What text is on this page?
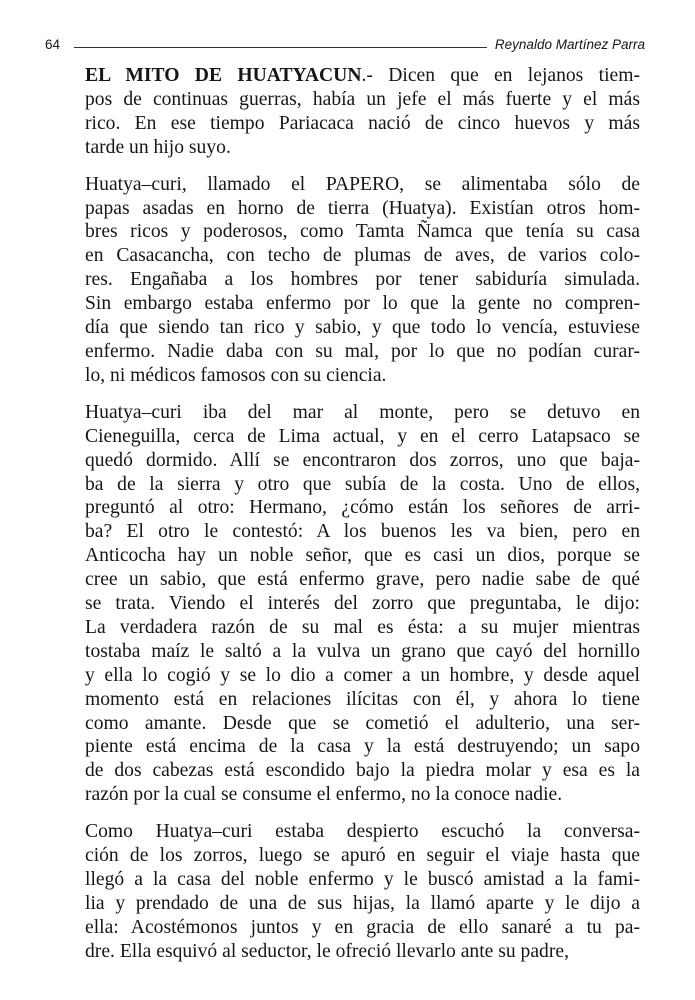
64	Reynaldo Martínez Parra
EL MITO DE HUATYACUN.- Dicen que en lejanos tiem-
pos de continuas guerras, había un jefe el más fuerte y el más
rico. En ese tiempo Pariacaca nació de cinco huevos y más
tarde un hijo suyo.
Huatya–curi, llamado el PAPERO, se alimentaba sólo de
papas asadas en horno de tierra (Huatya). Existían otros hom-
bres ricos y poderosos, como Tamta Ñamca que tenía su casa
en Casacancha, con techo de plumas de aves, de varios colo-
res. Engañaba a los hombres por tener sabiduría simulada.
Sin embargo estaba enfermo por lo que la gente no compren-
día que siendo tan rico y sabio, y que todo lo vencía, estuviese
enfermo. Nadie daba con su mal, por lo que no podían curar-
lo, ni médicos famosos con su ciencia.
Huatya–curi iba del mar al monte, pero se detuvo en
Cieneguilla, cerca de Lima actual, y en el cerro Latapsaco se
quedó dormido. Allí se encontraron dos zorros, uno que baja-
ba de la sierra y otro que subía de la costa. Uno de ellos,
preguntó al otro: Hermano, ¿cómo están los señores de arri-
ba? El otro le contestó: A los buenos les va bien, pero en
Anticocha hay un noble señor, que es casi un dios, porque se
cree un sabio, que está enfermo grave, pero nadie sabe de qué
se trata. Viendo el interés del zorro que preguntaba, le dijo:
La verdadera razón de su mal es ésta: a su mujer mientras
tostaba maíz le saltó a la vulva un grano que cayó del hornillo
y ella lo cogió y se lo dio a comer a un hombre, y desde aquel
momento está en relaciones ilícitas con él, y ahora lo tiene
como amante. Desde que se cometió el adulterio, una ser-
piente está encima de la casa y la está destruyendo; un sapo
de dos cabezas está escondido bajo la piedra molar y esa es la
razón por la cual se consume el enfermo, no la conoce nadie.
Como Huatya–curi estaba despierto escuchó la conversa-
ción de los zorros, luego se apuró en seguir el viaje hasta que
llegó a la casa del noble enfermo y le buscó amistad a la fami-
lia y prendado de una de sus hijas, la llamó aparte y le dijo a
ella: Acostémonos juntos y en gracia de ello sanaré a tu pa-
dre. Ella esquivó al seductor, le ofreció llevarlo ante su padre,
